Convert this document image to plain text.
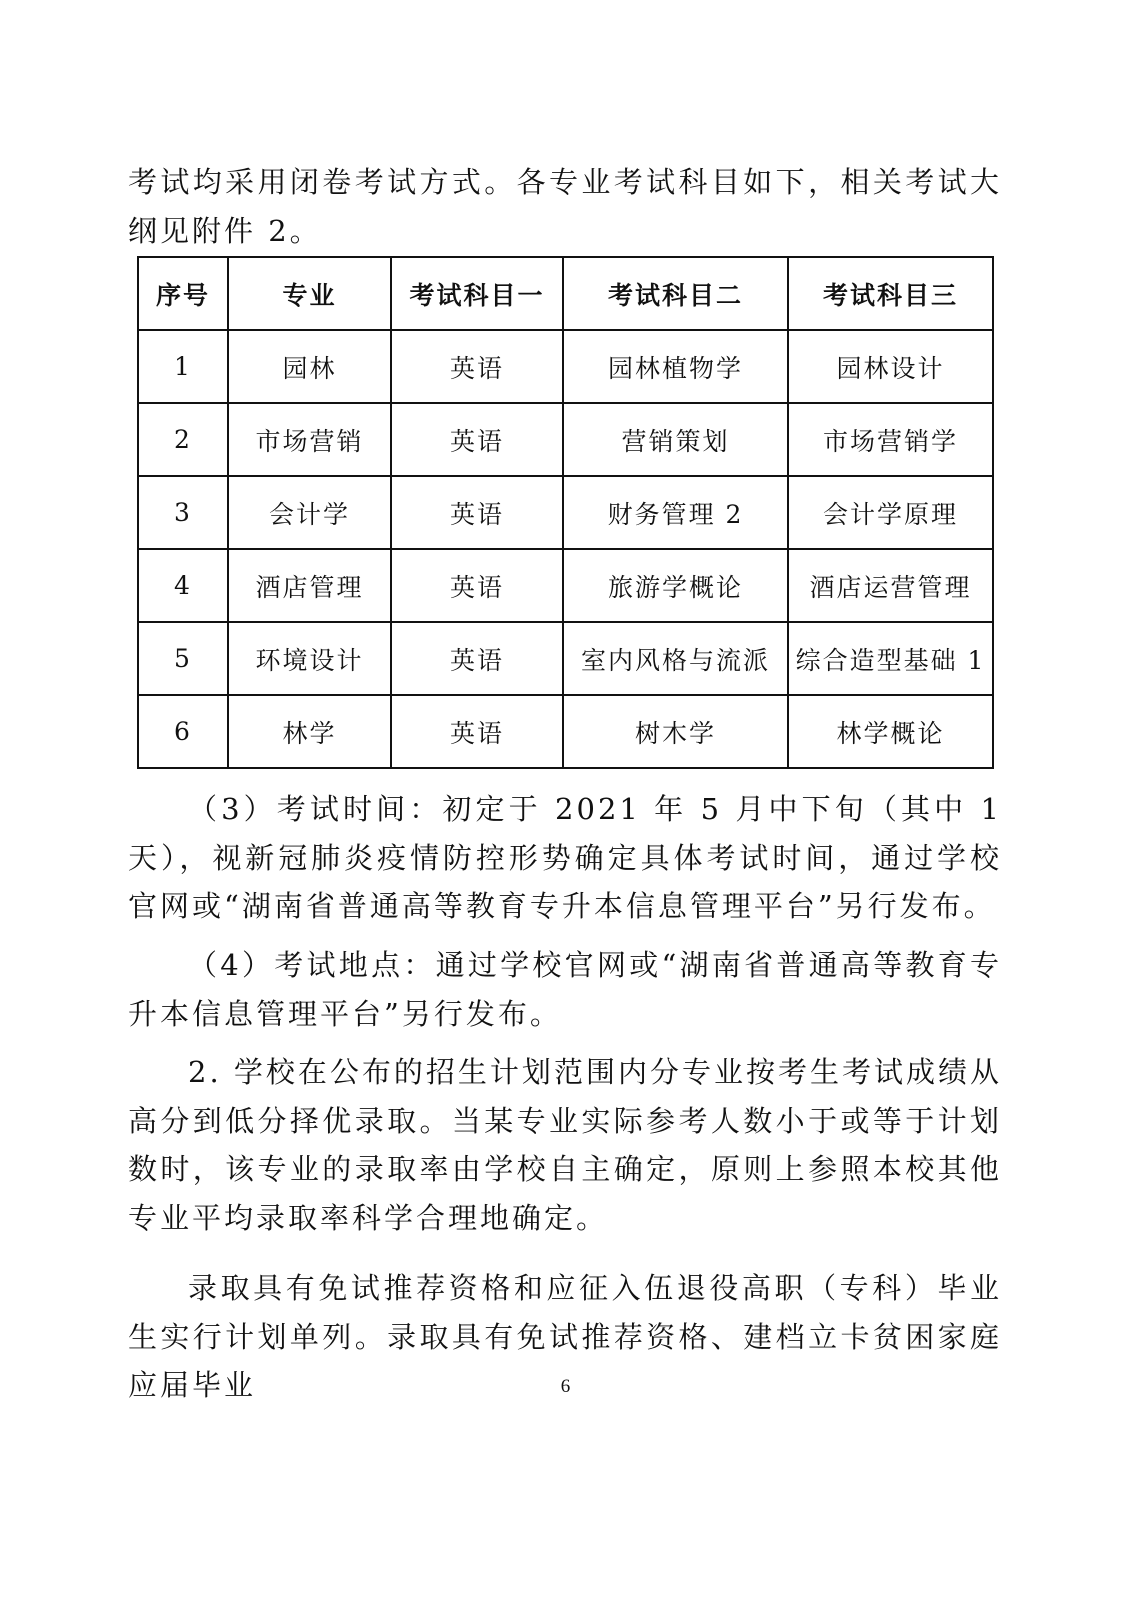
考试均采用闭卷考试方式。各专业考试科目如下，相关考试大纲见附件 2。

序号	专业	考试科目一	考试科目二	考试科目三
1	园林	英语	园林植物学	园林设计
2	市场营销	英语	营销策划	市场营销学
3	会计学	英语	财务管理 2	会计学原理
4	酒店管理	英语	旅游学概论	酒店运营管理
5	环境设计	英语	室内风格与流派	综合造型基础 1
6	林学	英语	树木学	林学概论

（3）考试时间：初定于 2021 年 5 月中下旬（其中 1 天），视新冠肺炎疫情防控形势确定具体考试时间，通过学校官网或“湖南省普通高等教育专升本信息管理平台”另行发布。

（4）考试地点：通过学校官网或“湖南省普通高等教育专升本信息管理平台”另行发布。

2. 学校在公布的招生计划范围内分专业按考生考试成绩从高分到低分择优录取。当某专业实际参考人数小于或等于计划数时，该专业的录取率由学校自主确定，原则上参照本校其他专业平均录取率科学合理地确定。

录取具有免试推荐资格和应征入伍退役高职（专科）毕业生实行计划单列。录取具有免试推荐资格、建档立卡贫困家庭应届毕业	6
